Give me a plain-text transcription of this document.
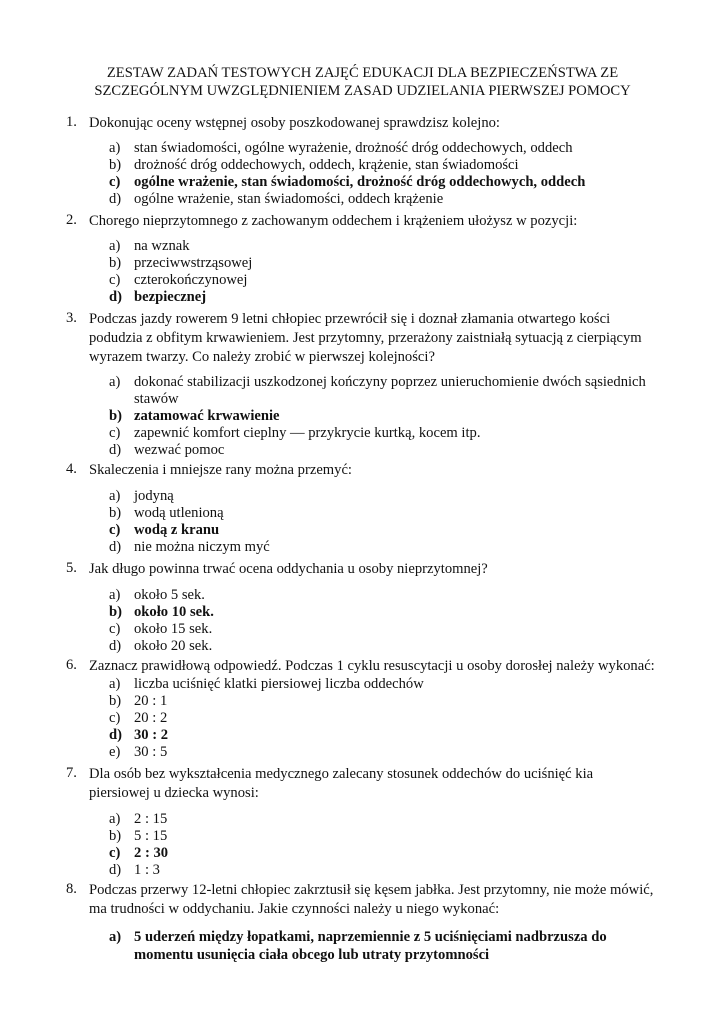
ZESTAW ZADAŃ TESTOWYCH ZAJĘĆ EDUKACJI DLA BEZPIECZEŃSTWA ZE
SZCZEGÓLNYM UWZGLĘDNIENIEM ZASAD UDZIELANIA PIERWSZEJ POMOCY
1. Dokonując oceny wstępnej osoby poszkodowanej sprawdzisz kolejno:
a) stan świadomości, ogólne wyrażenie, drożność dróg oddechowych, oddech
b) drożność dróg oddechowych, oddech, krążenie, stan świadomości
c) ogólne wrażenie, stan świadomości, drożność dróg oddechowych, oddech
d) ogólne wrażenie, stan świadomości, oddech krążenie
2. Chorego nieprzytomnego z zachowanym oddechem i krążeniem ułożysz w pozycji:
a) na wznak
b) przeciwwstrząsowej
c) czterokończynowej
d) bezpiecznej
3. Podczas jazdy rowerem 9 letni chłopiec przewrócił się i doznał złamania otwartego kości podudzia z obfitym krwawieniem. Jest przytomny, przerażony zaistniałą sytuacją z cierpiącym wyrazem twarzy. Co należy zrobić w pierwszej kolejności?
a) dokonać stabilizacji uszkodzonej kończyny poprzez unieruchomienie dwóch sąsiednich stawów
b) zatamować krwawienie
c) zapewnić komfort cieplny — przykrycie kurtką, kocem itp.
d) wezwać pomoc
4. Skaleczenia i mniejsze rany można przemyć:
a) jodyną
b) wodą utlenioną
c) wodą z kranu
d) nie można niczym myć
5. Jak długo powinna trwać ocena oddychania u osoby nieprzytomnej?
a) około 5 sek.
b) około 10 sek.
c) około 15 sek.
d) około 20 sek.
6. Zaznacz prawidłową odpowiedź. Podczas 1 cyklu resuscytacji u osoby dorosłej należy wykonać:
a) liczba uciśnięć klatki piersiowej liczba oddechów
b) 20 : 1
c) 20 : 2
d) 30 : 2
e) 30 : 5
7. Dla osób bez wykształcenia medycznego zalecany stosunek oddechów do uciśnięć kia piersiowej u dziecka wynosi:
a) 2 : 15
b) 5 : 15
c) 2 : 30
d) 1 : 3
8. Podczas przerwy 12-letni chłopiec zakrztusił się kęsem jabłka. Jest przytomny, nie może mówić, ma trudności w oddychaniu. Jakie czynności należy u niego wykonać:
a) 5 uderzeń między łopatkami, naprzemiennie z 5 uciśnięciami nadbrzusza do momentu usunięcia ciała obcego lub utraty przytomności
